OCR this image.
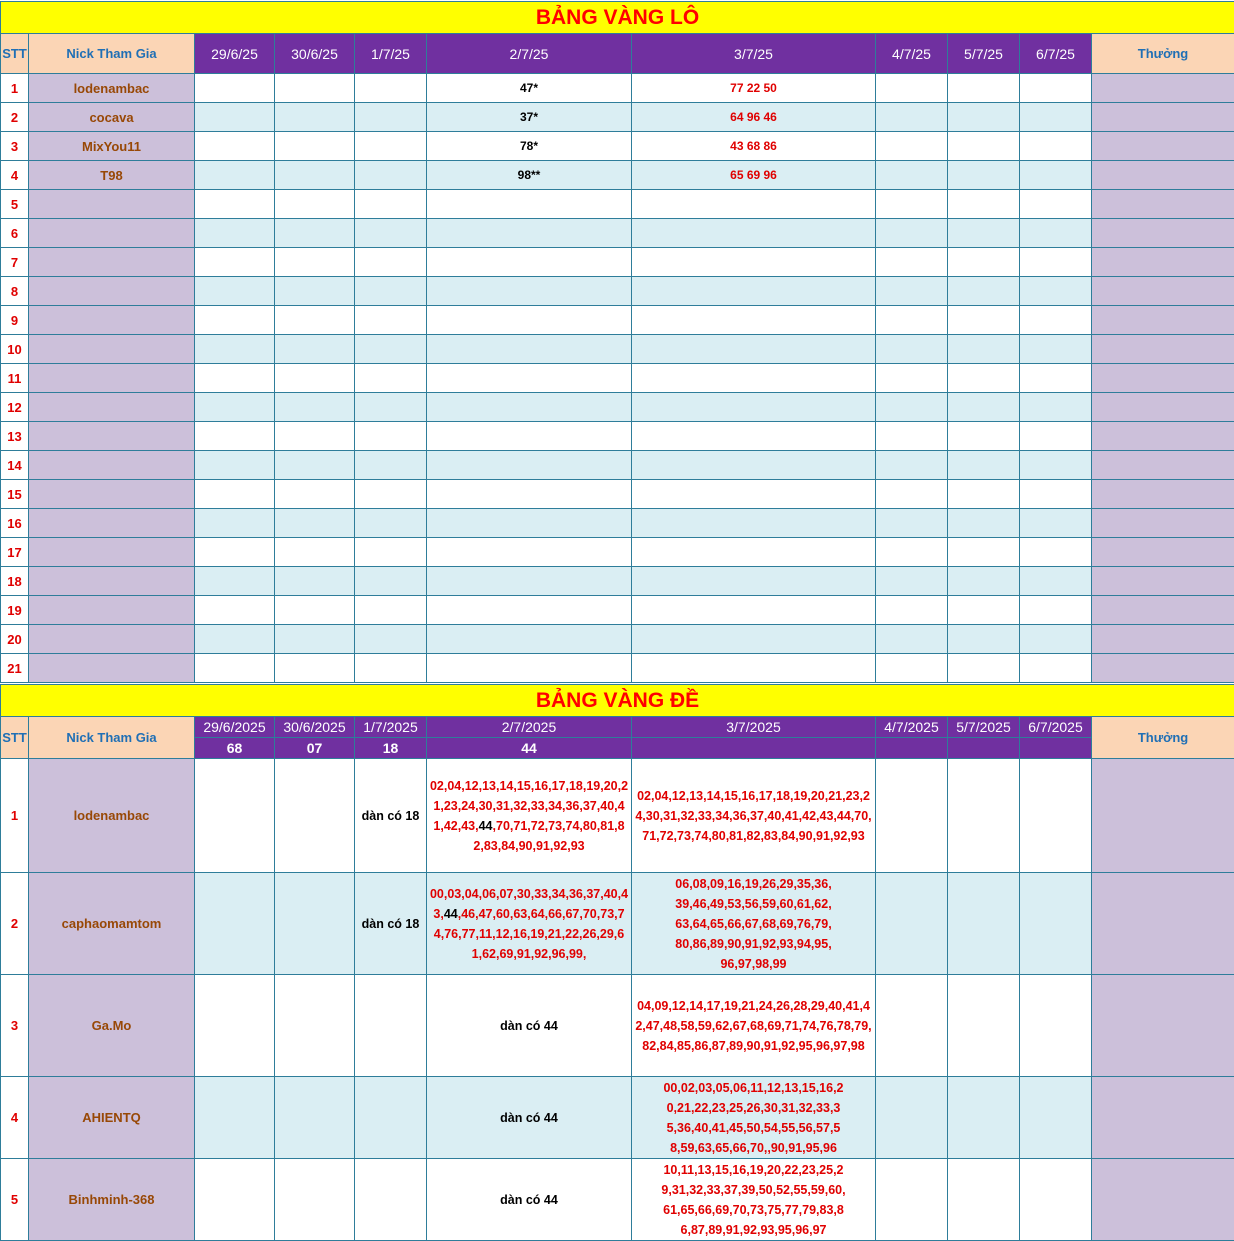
BẢNG VÀNG LÔ										
STT	Nick Tham Gia	29/6/25	30/6/25	1/7/25	2/7/25	3/7/25	4/7/25	5/7/25	6/7/25	Thưởng
1	lodenambac				47*	77 22 50				
2	cocava				37*	64 96 46				
3	MixYou11				78*	43 68 86				
4	T98				98**	65 69 96				
5										
6										
7										
8										
9										
10										
11										
12										
13										
14										
15										
16										
17										
18										
19										
20										
21										
BẢNG VÀNG ĐỀ										
STT	Nick Tham Gia	29/6/2025	30/6/2025	1/7/2025	2/7/2025	3/7/2025	4/7/2025	5/7/2025	6/7/2025	Thưởng
		68	07	18	44					
1	lodenambac			dàn có 18	02,04,12,13,14,15,16,17,18,19,20,21,23,24,30,31,32,33,34,36,37,40,41,42,43,44,70,71,72,73,74,80,81,82,83,84,90,91,92,93	02,04,12,13,14,15,16,17,18,19,20,21,23,24,30,31,32,33,34,36,37,40,41,42,43,44,70,71,72,73,74,80,81,82,83,84,90,91,92,93				
2	caphaomamtom			dàn có 18	00,03,04,06,07,30,33,34,36,37,40,43,44,46,47,60,63,64,66,67,70,73,74,76,77,11,12,16,19,21,22,26,29,61,62,69,91,92,96,99,	06,08,09,16,19,26,29,35,36,39,46,49,53,56,59,60,61,62,63,64,65,66,67,68,69,76,79,80,86,89,90,91,92,93,94,95,96,97,98,99				
3	Ga.Mo				dàn có 44	04,09,12,14,17,19,21,24,26,28,29,40,41,42,47,48,58,59,62,67,68,69,71,74,76,78,79,82,84,85,86,87,89,90,91,92,95,96,97,98				
4	AHIENTQ				dàn có 44	00,02,03,05,06,11,12,13,15,16,20,21,22,23,25,26,30,31,32,33,35,36,40,41,45,50,54,55,56,57,58,59,63,65,66,70,,90,91,95,96				
5	Binhminh-368				dàn có 44	10,11,13,15,16,19,20,22,23,25,29,31,32,33,37,39,50,52,55,59,60,61,65,66,69,70,73,75,77,79,83,86,87,89,91,92,93,95,96,97				
